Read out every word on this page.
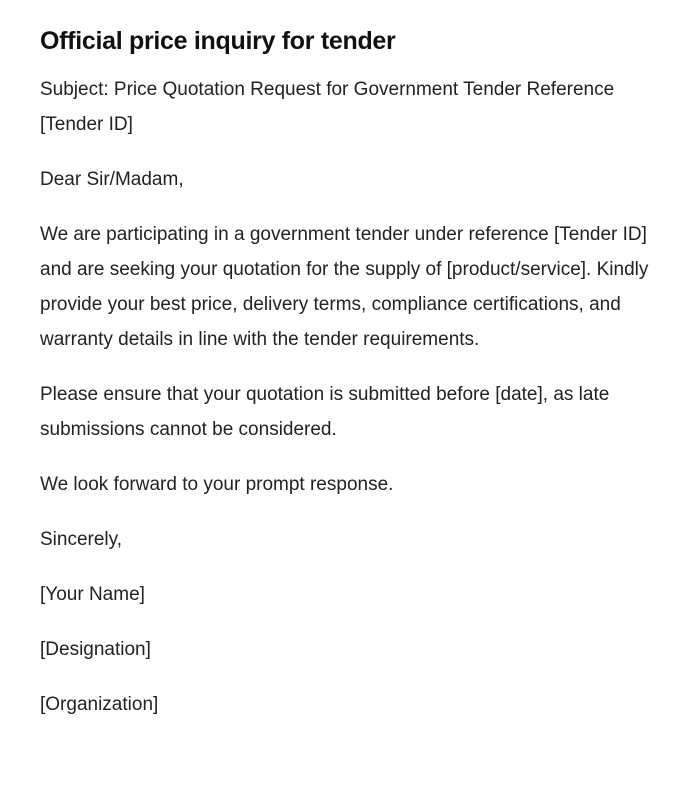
Official price inquiry for tender

Subject: Price Quotation Request for Government Tender Reference [Tender ID]

Dear Sir/Madam,

We are participating in a government tender under reference [Tender ID] and are seeking your quotation for the supply of [product/service]. Kindly provide your best price, delivery terms, compliance certifications, and warranty details in line with the tender requirements.

Please ensure that your quotation is submitted before [date], as late submissions cannot be considered.

We look forward to your prompt response.

Sincerely,

[Your Name]

[Designation]

[Organization]
